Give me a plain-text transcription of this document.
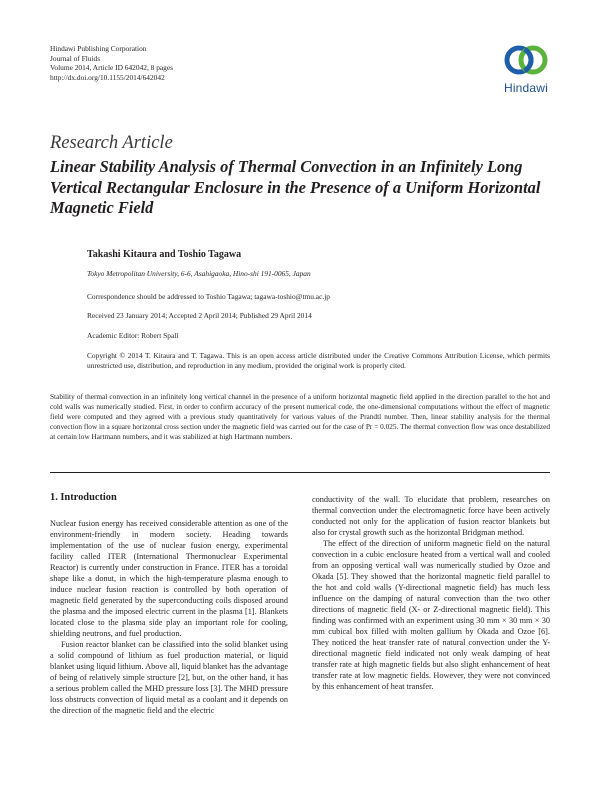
Hindawi Publishing Corporation
Journal of Fluids
Volume 2014, Article ID 642042, 8 pages
http://dx.doi.org/10.1155/2014/642042
Hindawi
Research Article
Linear Stability Analysis of Thermal Convection in an Infinitely Long Vertical Rectangular Enclosure in the Presence of a Uniform Horizontal Magnetic Field
Takashi Kitaura and Toshio Tagawa
Tokyo Metropolitan University, 6-6, Asahigaoka, Hino-shi 191-0065, Japan
Correspondence should be addressed to Toshio Tagawa; tagawa-toshio@tmu.ac.jp
Received 23 January 2014; Accepted 2 April 2014; Published 29 April 2014
Academic Editor: Robert Spall

Copyright © 2014 T. Kitaura and T. Tagawa. This is an open access article distributed under the Creative Commons Attribution License, which permits unrestricted use, distribution, and reproduction in any medium, provided the original work is properly cited.

Stability of thermal convection in an infinitely long vertical channel in the presence of a uniform horizontal magnetic field applied in the direction parallel to the hot and cold walls was numerically studied. First, in order to confirm accuracy of the present numerical code, the one-dimensional computations without the effect of magnetic field were computed and they agreed with a previous study quantitatively for various values of the Prandtl number. Then, linear stability analysis for the thermal convection flow in a square horizontal cross section under the magnetic field was carried out for the case of Pr = 0.025. The thermal convection flow was once destabilized at certain low Hartmann numbers, and it was stabilized at high Hartmann numbers.

1. Introduction

Nuclear fusion energy has received considerable attention as one of the environment-friendly in modern society. Heading towards implementation of the use of nuclear fusion energy, experimental facility called ITER (International Thermonuclear Experimental Reactor) is currently under construction in France. ITER has a toroidal shape like a donut, in which the high-temperature plasma enough to induce nuclear fusion reaction is controlled by both operation of magnetic field generated by the superconducting coils disposed around the plasma and the imposed electric current in the plasma [1]. Blankets located close to the plasma side play an important role for cooling, shielding neutrons, and fuel production.

Fusion reactor blanket can be classified into the solid blanket using a solid compound of lithium as fuel production material, or liquid blanket using liquid lithium. Above all, liquid blanket has the advantage of being of relatively simple structure [2], but, on the other hand, it has a serious problem called the MHD pressure loss [3]. The MHD pressure loss obstructs convection of liquid metal as a coolant and it depends on the direction of the magnetic field and the electric

conductivity of the wall. To elucidate that problem, researches on thermal convection under the electromagnetic force have been actively conducted not only for the application of fusion reactor blankets but also for crystal growth such as the horizontal Bridgman method.

The effect of the direction of uniform magnetic field on the natural convection in a cubic enclosure heated from a vertical wall and cooled from an opposing vertical wall was numerically studied by Ozoe and Okada [5]. They showed that the horizontal magnetic field parallel to the hot and cold walls (Y-directional magnetic field) has much less influence on the damping of natural convection than the two other directions of magnetic field (X- or Z-directional magnetic field). This finding was confirmed with an experiment using 30 mm × 30 mm × 30 mm cubical box filled with molten gallium by Okada and Ozoe [6]. They noticed the heat transfer rate of natural convection under the Y-directional magnetic field indicated not only weak damping of heat transfer rate at high magnetic fields but also slight enhancement of heat transfer rate at low magnetic fields. However, they were not convinced by this enhancement of heat transfer.
